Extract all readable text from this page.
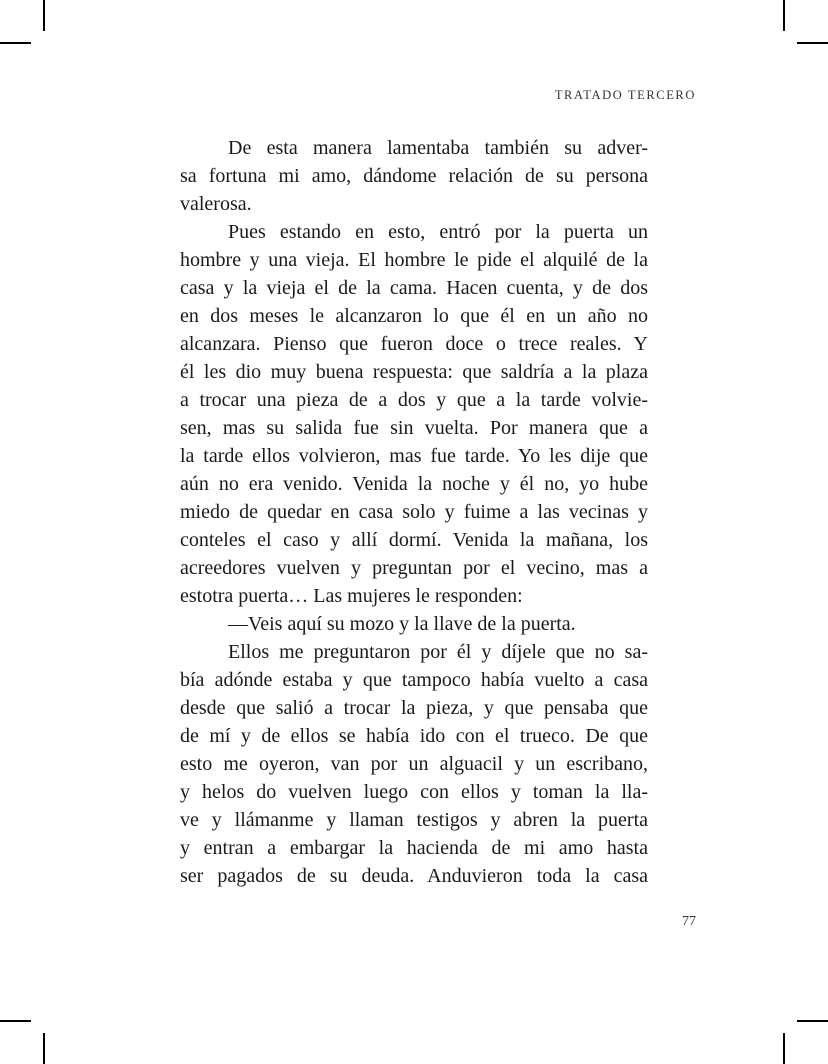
TRATADO TERCERO
De esta manera lamentaba también su adver-
sa fortuna mi amo, dándome relación de su persona
valerosa.
Pues estando en esto, entró por la puerta un
hombre y una vieja. El hombre le pide el alquilé de la
casa y la vieja el de la cama. Hacen cuenta, y de dos
en dos meses le alcanzaron lo que él en un año no
alcanzara. Pienso que fueron doce o trece reales. Y
él les dio muy buena respuesta: que saldría a la plaza
a trocar una pieza de a dos y que a la tarde volvie-
sen, mas su salida fue sin vuelta. Por manera que a
la tarde ellos volvieron, mas fue tarde. Yo les dije que
aún no era venido. Venida la noche y él no, yo hube
miedo de quedar en casa solo y fuime a las vecinas y
conteles el caso y allí dormí. Venida la mañana, los
acreedores vuelven y preguntan por el vecino, mas a
estotra puerta… Las mujeres le responden:
—Veis aquí su mozo y la llave de la puerta.
Ellos me preguntaron por él y díjele que no sa-
bía adónde estaba y que tampoco había vuelto a casa
desde que salió a trocar la pieza, y que pensaba que
de mí y de ellos se había ido con el trueco. De que
esto me oyeron, van por un alguacil y un escribano,
y helos do vuelven luego con ellos y toman la lla-
ve y llámanme y llaman testigos y abren la puerta
y entran a embargar la hacienda de mi amo hasta
ser pagados de su deuda. Anduvieron toda la casa
77
